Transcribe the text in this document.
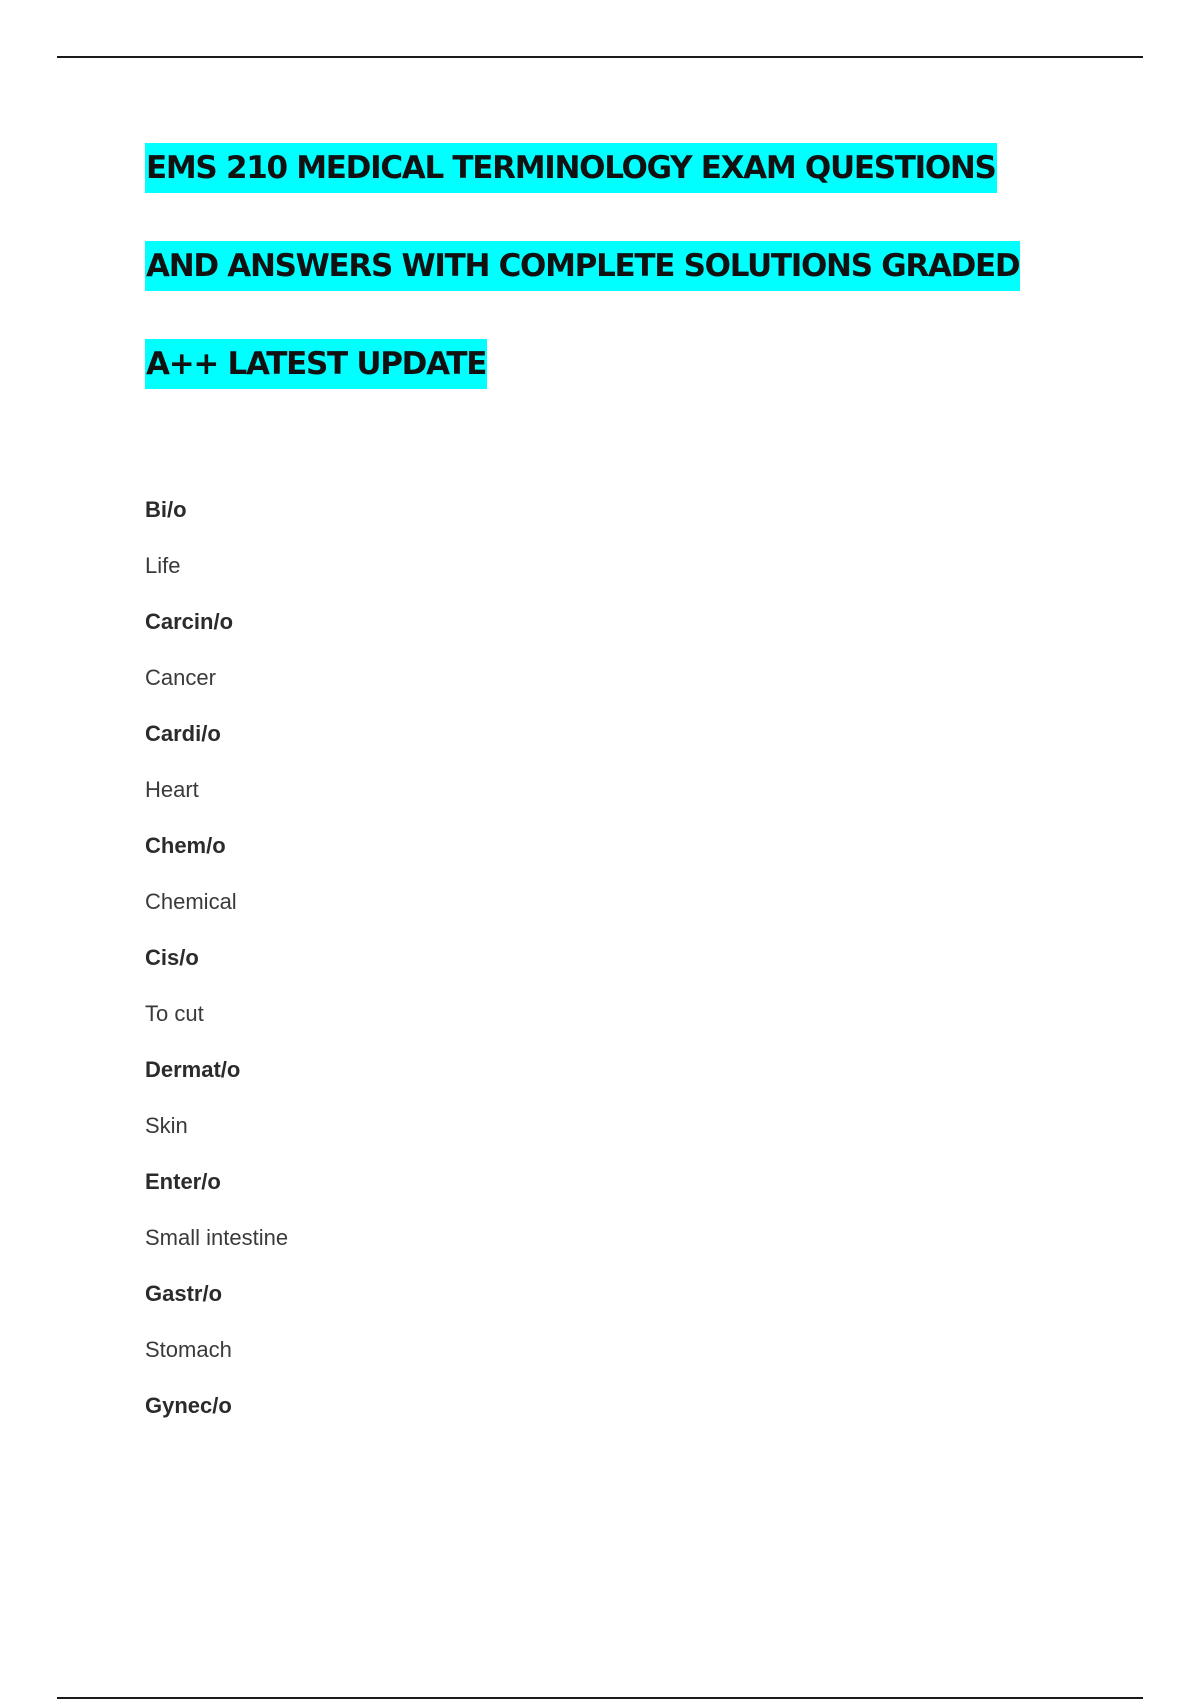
EMS 210 MEDICAL TERMINOLOGY EXAM QUESTIONS
AND ANSWERS WITH COMPLETE SOLUTIONS GRADED
A++ LATEST UPDATE

Bi/o

Life

Carcin/o

Cancer

Cardi/o

Heart

Chem/o

Chemical

Cis/o

To cut

Dermat/o

Skin

Enter/o

Small intestine

Gastr/o

Stomach

Gynec/o
